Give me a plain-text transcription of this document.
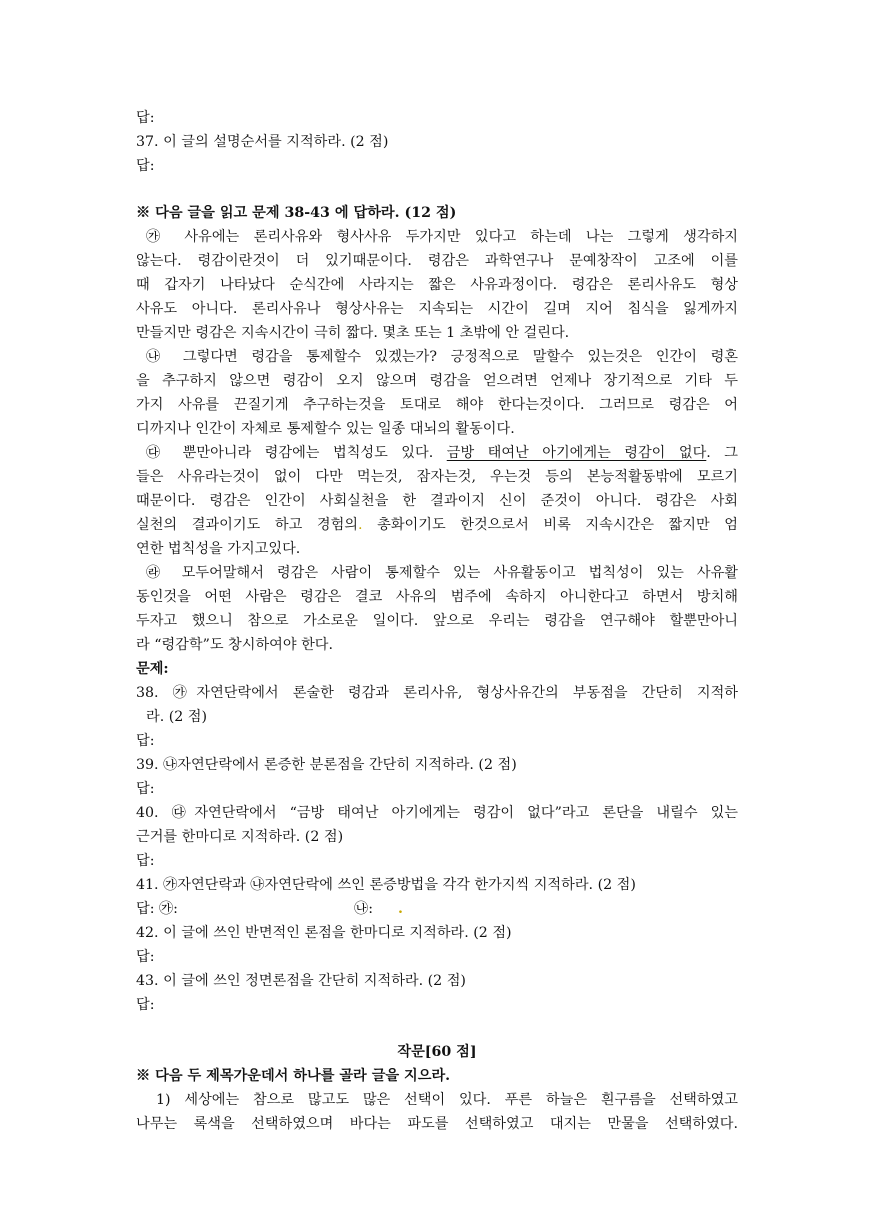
답:
37. 이 글의 설명순서를 지적하라. (2 점)
답:
※ 다음 글을 읽고 문제 38-43 에 답하라. (12 점)
㉮ 사유에는 론리사유와 형사사유 두가지만 있다고 하는데 나는 그렇게 생각하지
않는다. 령감이란것이 더 있기때문이다. 령감은 과학연구나 문예창작이 고조에 이를
때 갑자기 나타났다 순식간에 사라지는 짧은 사유과정이다. 령감은 론리사유도 형상
사유도 아니다. 론리사유나 형상사유는 지속되는 시간이 길며 지어 침식을 잃게까지
만들지만 령감은 지속시간이 극히 짧다. 몇초 또는 1 초밖에 안 걸린다.
㉯ 그렇다면 령감을 통제할수 있겠는가? 긍정적으로 말할수 있는것은 인간이 령혼
을 추구하지 않으면 령감이 오지 않으며 령감을 얻으려면 언제나 장기적으로 기타 두
가지 사유를 끈질기게 추구하는것을 토대로 해야 한다는것이다. 그러므로 령감은 어
디까지나 인간이 자체로 통제할수 있는 일종 대뇌의 활동이다.
㉰ 뿐만아니라 령감에는 법칙성도 있다. 금방 태여난 아기에게는 령감이 없다. 그
들은 사유라는것이 없이 다만 먹는것, 잠자는것, 우는것 등의 본능적활동밖에 모르기
때문이다. 령감은 인간이 사회실천을 한 결과이지 신이 준것이 아니다. 령감은 사회
실천의 결과이기도 하고 경험의. 총화이기도 한것으로서 비록 지속시간은 짧지만 엄
연한 법칙성을 가지고있다.
㉱ 모두어말해서 령감은 사람이 통제할수 있는 사유활동이고 법칙성이 있는 사유활
동인것을 어떤 사람은 령감은 결코 사유의 범주에 속하지 아니한다고 하면서 방치해
두자고 했으니 참으로 가소로운 일이다. 앞으로 우리는 령감을 연구해야 할뿐만아니
라 “령감학”도 창시하여야 한다.
문제:
38. ㉮자연단락에서 론술한 령감과 론리사유, 형상사유간의 부동점을 간단히 지적하
라. (2 점)
답:
39. ㉯자연단락에서 론증한 분론점을 간단히 지적하라. (2 점)
답:
40. ㉰자연단락에서 “금방 태여난 아기에게는 령감이 없다”라고 론단을 내릴수 있는
근거를 한마디로 지적하라. (2 점)
답:
41. ㉮자연단락과 ㉯자연단락에 쓰인 론증방법을 각각 한가지씩 지적하라. (2 점)
답: ㉮:	㉯: .
42. 이 글에 쓰인 반면적인 론점을 한마디로 지적하라. (2 점)
답:
43. 이 글에 쓰인 정면론점을 간단히 지적하라. (2 점)
답:
작문[60 점]
※ 다음 두 제목가운데서 하나를 골라 글을 지으라.
1) 세상에는 참으로 많고도 많은 선택이 있다. 푸른 하늘은 흰구름을 선택하였고
나무는 록색을 선택하였으며 바다는 파도를 선택하였고 대지는 만물을 선택하였다.
